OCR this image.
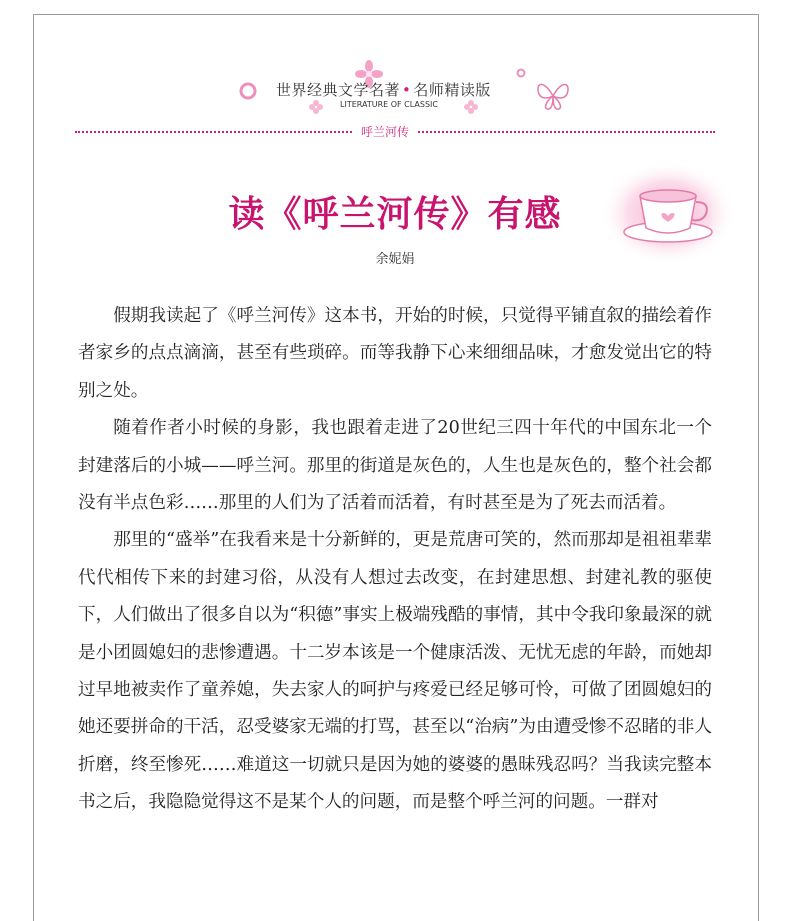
世界经典文学名著 • 名师精读版
LITERATURE OF CLASSIC
呼兰河传
读《呼兰河传》有感
余妮娟

假期我读起了《呼兰河传》这本书，开始的时候，只觉得平铺直叙的描绘着作者家乡的点点滴滴，甚至有些琐碎。而等我静下心来细细品味，才愈发觉出它的特别之处。

随着作者小时候的身影，我也跟着走进了20世纪三四十年代的中国东北一个封建落后的小城——呼兰河。那里的街道是灰色的，人生也是灰色的，整个社会都没有半点色彩……那里的人们为了活着而活着，有时甚至是为了死去而活着。

那里的“盛举”在我看来是十分新鲜的，更是荒唐可笑的，然而那却是祖祖辈辈代代相传下来的封建习俗，从没有人想过去改变，在封建思想、封建礼教的驱使下，人们做出了很多自以为“积德”事实上极端残酷的事情，其中令我印象最深的就是小团圆媳妇的悲惨遭遇。十二岁本该是一个健康活泼、无忧无虑的年龄，而她却过早地被卖作了童养媳，失去家人的呵护与疼爱已经足够可怜，可做了团圆媳妇的她还要拼命的干活，忍受婆家无端的打骂，甚至以“治病”为由遭受惨不忍睹的非人折磨，终至惨死……难道这一切就只是因为她的婆婆的愚昧残忍吗？当我读完整本书之后，我隐隐觉得这不是某个人的问题，而是整个呼兰河的问题。一群对
